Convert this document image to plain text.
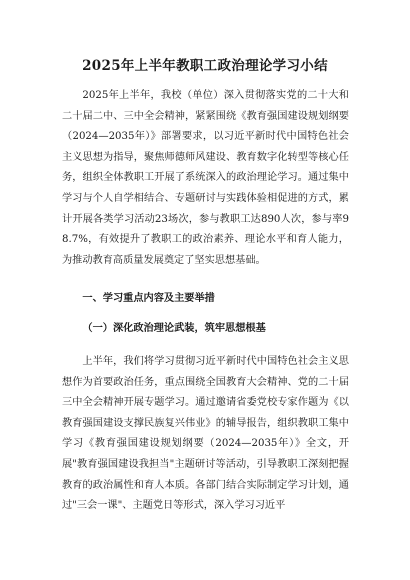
2025年上半年教职工政治理论学习小结

2025年上半年，我校（单位）深入贯彻落实党的二十大和二十届二中、三中全会精神，紧紧围绕《教育强国建设规划纲要（2024—2035年）》部署要求，以习近平新时代中国特色社会主义思想为指导，聚焦师德师风建设、教育数字化转型等核心任务，组织全体教职工开展了系统深入的政治理论学习。通过集中学习与个人自学相结合、专题研讨与实践体验相促进的方式，累计开展各类学习活动23场次，参与教职工达890人次，参与率98.7%，有效提升了教职工的政治素养、理论水平和育人能力，为推动教育高质量发展奠定了坚实思想基础。

一、学习重点内容及主要举措
（一）深化政治理论武装，筑牢思想根基

上半年，我们将学习贯彻习近平新时代中国特色社会主义思想作为首要政治任务，重点围绕全国教育大会精神、党的二十届三中全会精神开展专题学习。通过邀请省委党校专家作题为《以教育强国建设支撑民族复兴伟业》的辅导报告，组织教职工集中学习《教育强国建设规划纲要（2024—2035年）》全文，开展"教育强国建设我担当"主题研讨等活动，引导教职工深刻把握教育的政治属性和育人本质。各部门结合实际制定学习计划，通过"三会一课"、主题党日等形式，深入学习习近平
